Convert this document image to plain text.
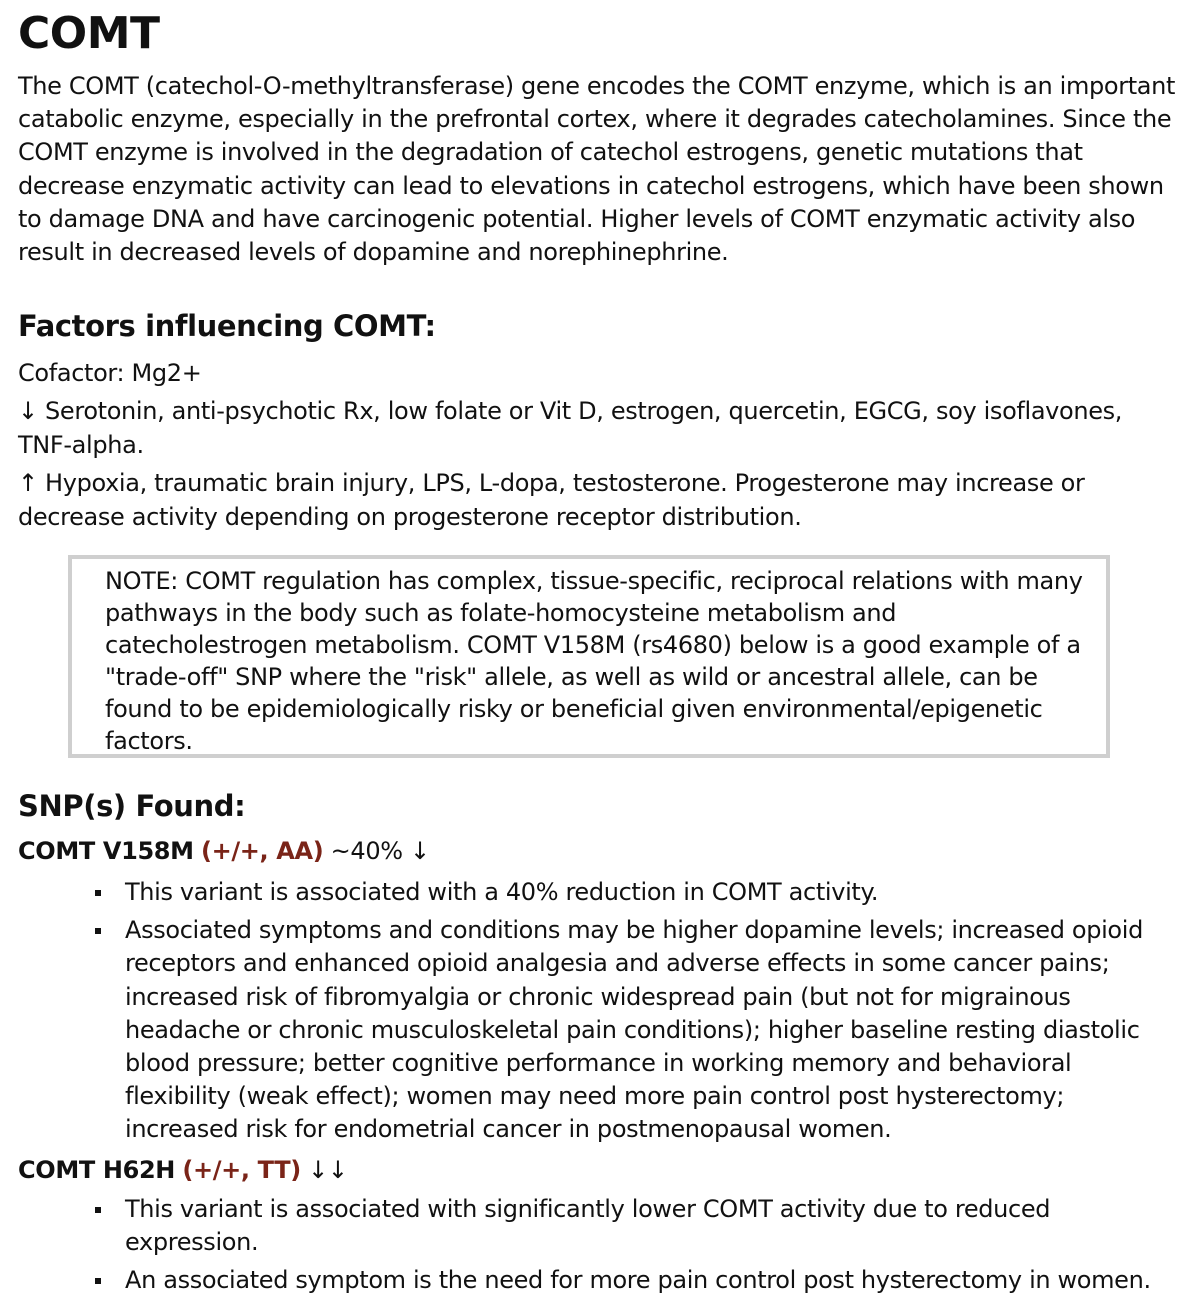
COMT

The COMT (catechol-O-methyltransferase) gene encodes the COMT enzyme, which is an important catabolic enzyme, especially in the prefrontal cortex, where it degrades catecholamines. Since the COMT enzyme is involved in the degradation of catechol estrogens, genetic mutations that decrease enzymatic activity can lead to elevations in catechol estrogens, which have been shown to damage DNA and have carcinogenic potential. Higher levels of COMT enzymatic activity also result in decreased levels of dopamine and norephinephrine.

Factors influencing COMT:
Cofactor: Mg2+
↓ Serotonin, anti-psychotic Rx, low folate or Vit D, estrogen, quercetin, EGCG, soy isoflavones, TNF-alpha.
↑ Hypoxia, traumatic brain injury, LPS, L-dopa, testosterone. Progesterone may increase or decrease activity depending on progesterone receptor distribution.
NOTE: COMT regulation has complex, tissue-specific, reciprocal relations with many pathways in the body such as folate-homocysteine metabolism and catecholestrogen metabolism. COMT V158M (rs4680) below is a good example of a "trade-off" SNP where the "risk" allele, as well as wild or ancestral allele, can be found to be epidemiologically risky or beneficial given environmental/epigenetic factors.
SNP(s) Found:
COMT V158M (+/+, AA) ~40% ↓
This variant is associated with a 40% reduction in COMT activity.
Associated symptoms and conditions may be higher dopamine levels; increased opioid receptors and enhanced opioid analgesia and adverse effects in some cancer pains; increased risk of fibromyalgia or chronic widespread pain (but not for migrainous headache or chronic musculoskeletal pain conditions); higher baseline resting diastolic blood pressure; better cognitive performance in working memory and behavioral flexibility (weak effect); women may need more pain control post hysterectomy; increased risk for endometrial cancer in postmenopausal women.
COMT H62H (+/+, TT) ↓↓
This variant is associated with significantly lower COMT activity due to reduced expression.
An associated symptom is the need for more pain control post hysterectomy in women.
